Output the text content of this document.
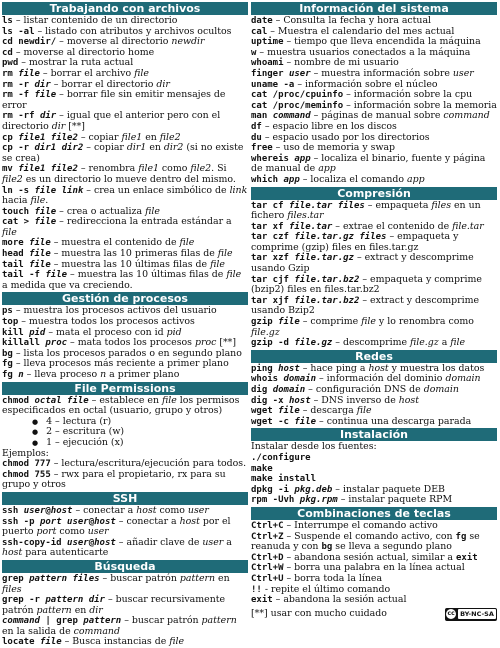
Trabajando con archivos
ls – listar contenido de un directorio
ls -al – listado con atributos y archivos ocultos
cd newdir/ – moverse al directorio newdir
cd – moverse al directorio home
pwd – mostrar la ruta actual
rm file – borrar el archivo file
rm -r dir – borrar el directorio dir
rm -f file – borrar file sin emitir mensajes de error
rm -rf dir – igual que el anterior pero con el directorio dir [**]
cp file1 file2 – copiar file1 en file2
cp -r dir1 dir2 – copiar dir1 en dir2 (si no existe se crea)
mv file1 file2 – renombra file1 como file2. Si file2 es un directorio lo mueve dentro del mismo.
ln -s file link – crea un enlace simbólico de link hacia file.
touch file – crea o actualiza file
cat > file – redirecciona la entrada estándar a file
more file – muestra el contenido de file
head file – muestra las 10 primeras filas de file
tail file – muestra las 10 últimas filas de file
tail -f file – muestra las 10 últimas filas de file a medida que va creciendo.
Gestión de procesos
ps – muestra los procesos activos del usuario
top – muestra todos los procesos activos
kill pid – mata el proceso con id pid
killall proc – mata todos los procesos proc [**]
bg – lista los procesos parados o en segundo plano
fg – lleva procesos más reciente a primer plano
fg n – lleva proceso n a primer plano
File Permissions
chmod octal file – establece en file los permisos especificados en octal (usuario, grupo y otros)
● 4 – lectura (r)
● 2 – escritura (w)
● 1 – ejecución (x)
Ejemplos:
chmod 777 – lectura/escritura/ejecución para todos.
chmod 755 – rwx para el propietario, rx para su grupo y otros
SSH
ssh user@host – conectar a host como user
ssh -p port user@host – conectar a host por el puerto port como user
ssh-copy-id user@host – añadir clave de user a host para autenticarte
Búsqueda
grep pattern files – buscar patrón pattern en files
grep -r pattern dir – buscar recursivamente patrón pattern en dir
command | grep pattern – buscar patrón pattern en la salida de command
locate file – Busca instancias de file
Información del sistema
date – Consulta la fecha y hora actual
cal – Muestra el calendario del mes actual
uptime – tiempo que lleva encendida la máquina
w – muestra usuarios conectados a la máquina
whoami – nombre de mi usuario
finger user – muestra información sobre user
uname -a – información sobre el núcleo
cat /proc/cpuinfo – información sobre la cpu
cat /proc/meminfo – información sobre la memoria
man command – páginas de manual sobre command
df – espacio libre en los discos
du – espacio usado por los directorios
free – uso de memoria y swap
whereis app – localiza el binario, fuente y página de manual de app
which app – localiza el comando app
Compresión
tar cf file.tar files – empaqueta files en un fichero files.tar
tar xf file.tar – extrae el contenido de file.tar
tar czf file.tar.gz files – empaqueta y comprime (gzip) files en files.tar.gz
tar xzf file.tar.gz – extract y descomprime usando Gzip
tar cjf file.tar.bz2 – empaqueta y comprime (bzip2) files en files.tar.bz2
tar xjf file.tar.bz2 – extract y descomprime usando Bzip2
gzip file – comprime file y lo renombra como file.gz
gzip -d file.gz – descomprime file.gz a file
Redes
ping host – hace ping a host y muestra los datos
whois domain – información del dominio domain
dig domain – configuración DNS de domain
dig -x host – DNS inverso de host
wget file – descarga file
wget -c file – continua una descarga parada
Instalación
Instalar desde los fuentes:
./configure
make
make install
dpkg -i pkg.deb – instalar paquete DEB
rpm -Uvh pkg.rpm – instalar paquete RPM
Combinaciones de teclas
Ctrl+C – Interrumpe el comando activo
Ctrl+Z – Suspende el comando activo, con fg se reanuda y con bg se lleva a segundo plano
Ctrl+D – abandona sesión actual, similar a exit
Ctrl+W – borra una palabra en la línea actual
Ctrl+U – borra toda la línea
!! - repite el último comando
exit – abandona la sesión actual
[**] usar con mucho cuidado	cc BY-NC-SA
